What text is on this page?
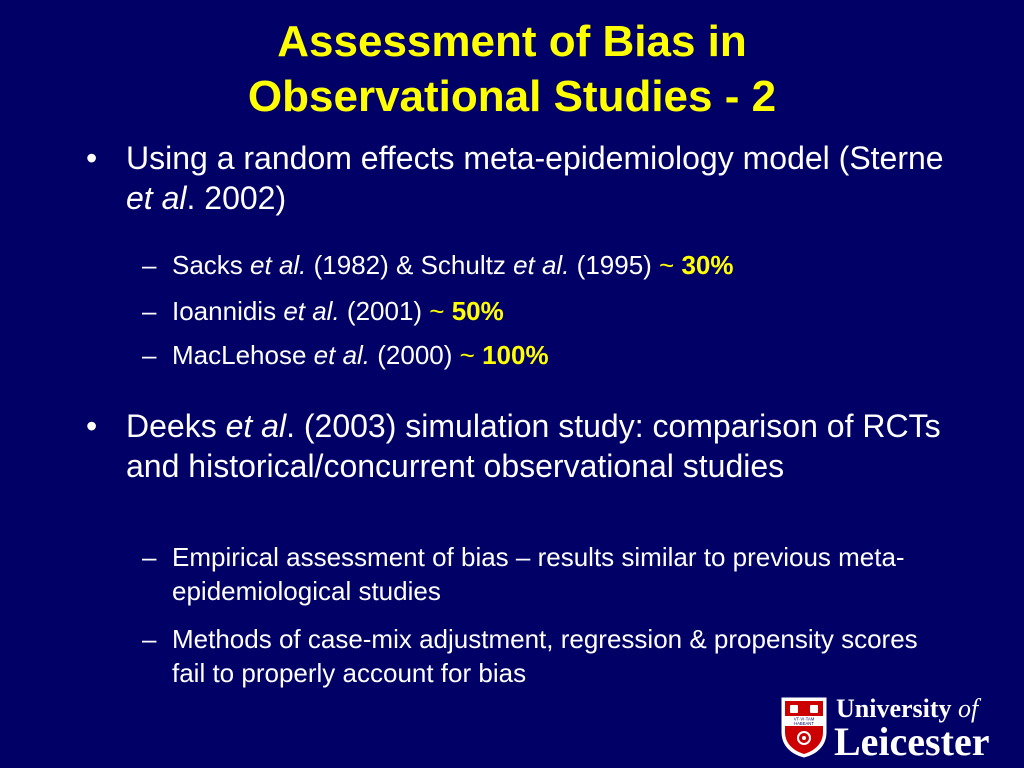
Assessment of Bias in
Observational Studies - 2
• Using a random effects meta-epidemiology model (Sterne et al. 2002)
– Sacks et al. (1982) & Schultz et al. (1995) ~ 30%
– Ioannidis et al. (2001) ~ 50%
– MacLehose et al. (2000) ~ 100%
• Deeks et al. (2003) simulation study: comparison of RCTs and historical/concurrent observational studies
– Empirical assessment of bias – results similar to previous meta-epidemiological studies
– Methods of case-mix adjustment, regression & propensity scores fail to properly account for bias
VT·VI·TAM
HABEANT
University of
Leicester
